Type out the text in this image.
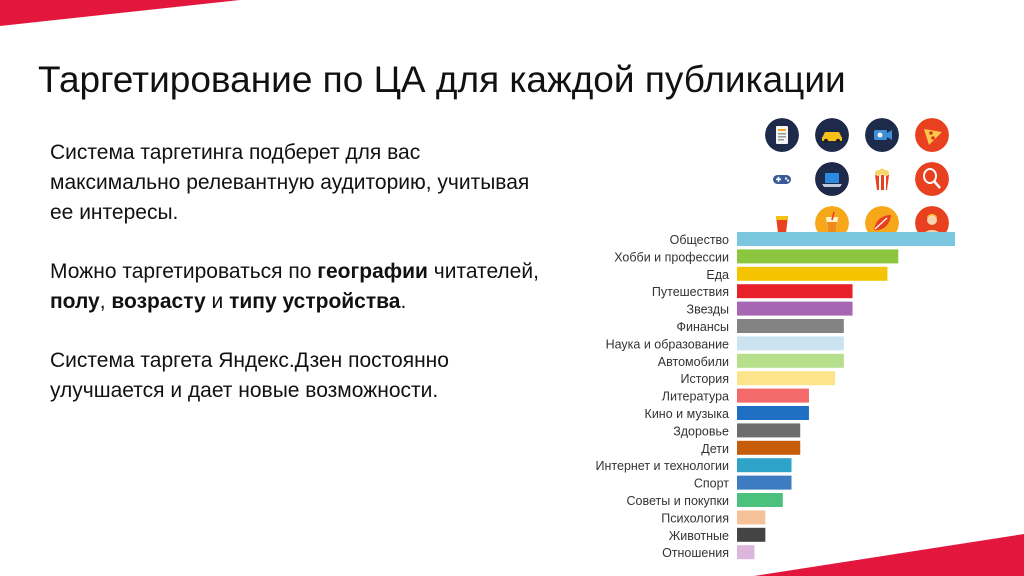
Таргетирование по ЦА для каждой публикации

Система таргетинга подберет для вас максимально релевантную аудиторию, учитывая ее интересы.

Можно таргетироваться по географии читателей, полу, возрасту и типу устройства.

Система таргета Яндекс.Дзен постоянно улучшается и дает новые возможности.

Общество
Хобби и профессии
Еда
Путешествия
Звезды
Финансы
Наука и образование
Автомобили
История
Литература
Кино и музыка
Здоровье
Дети
Интернет и технологии
Спорт
Советы и покупки
Психология
Животные
Отношения
